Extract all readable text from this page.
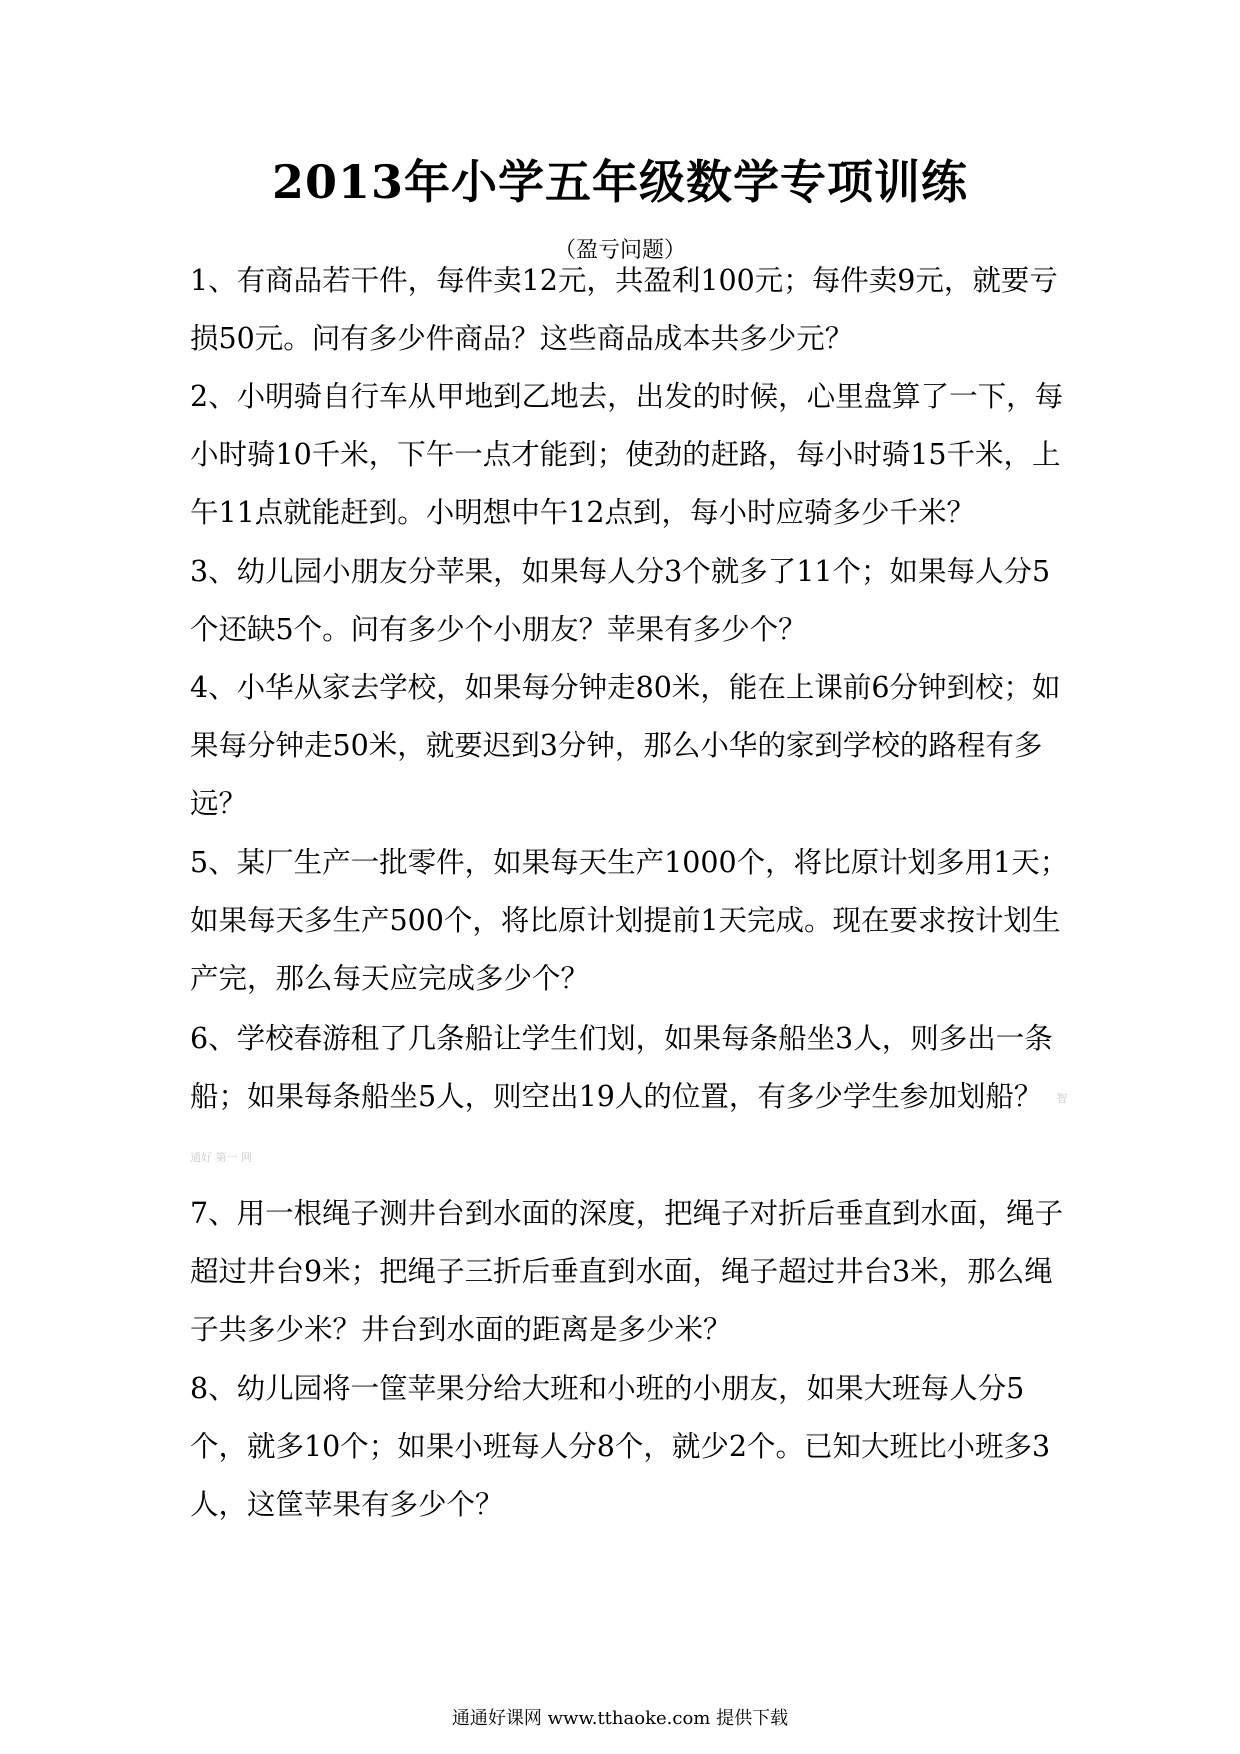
2013年小学五年级数学专项训练
（盈亏问题）
1、有商品若干件，每件卖12元，共盈利100元；每件卖9元，就要亏损50元。问有多少件商品？这些商品成本共多少元？
2、小明骑自行车从甲地到乙地去，出发的时候，心里盘算了一下，每小时骑10千米，下午一点才能到；使劲的赶路，每小时骑15千米，上午11点就能赶到。小明想中午12点到，每小时应骑多少千米？
3、幼儿园小朋友分苹果，如果每人分3个就多了11个；如果每人分5个还缺5个。问有多少个小朋友？苹果有多少个？
4、小华从家去学校，如果每分钟走80米，能在上课前6分钟到校；如果每分钟走50米，就要迟到3分钟，那么小华的家到学校的路程有多远？
5、某厂生产一批零件，如果每天生产1000个，将比原计划多用1天；如果每天多生产500个，将比原计划提前1天完成。现在要求按计划生产完，那么每天应完成多少个？
6、学校春游租了几条船让学生们划，如果每条船坐3人，则多出一条船；如果每条船坐5人，则空出19人的位置，有多少学生参加划船？ 智 通好 第一 网
7、用一根绳子测井台到水面的深度，把绳子对折后垂直到水面，绳子超过井台9米；把绳子三折后垂直到水面，绳子超过井台3米，那么绳子共多少米？井台到水面的距离是多少米？
8、幼儿园将一筐苹果分给大班和小班的小朋友，如果大班每人分5个，就多10个；如果小班每人分8个，就少2个。已知大班比小班多3人，这筐苹果有多少个？
通通好课网 www.tthaoke.com 提供下载
